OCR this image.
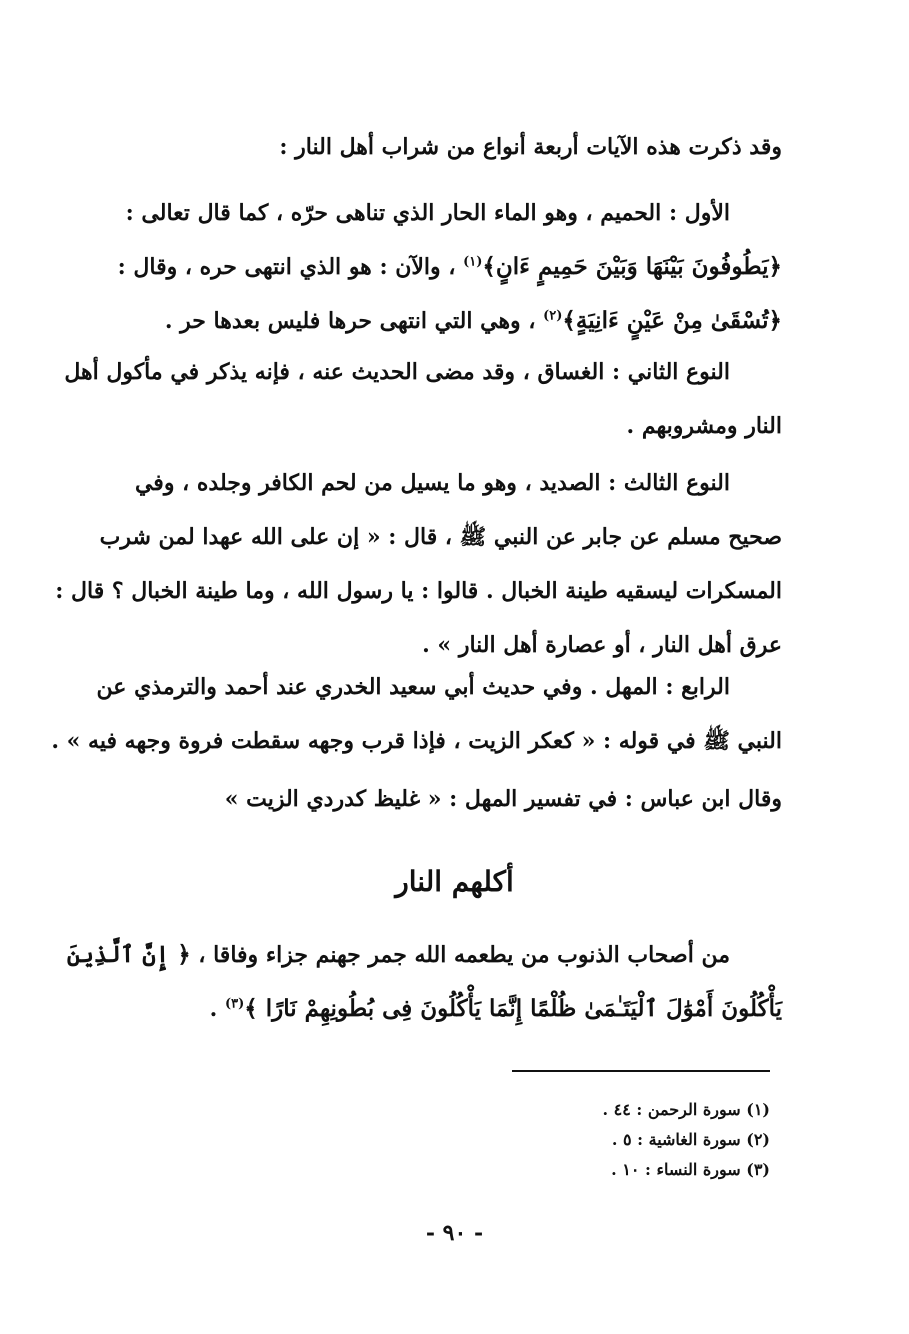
وقد ذكرت هذه الآيات أربعة أنواع من شراب أهل النار :
الأول : الحميم ، وهو الماء الحار الذي تناهى حرّه ، كما قال تعالى :
﴿يَطُوفُونَ بَيْنَهَا وَبَيْنَ حَمِيمٍ ءَانٍ﴾$^{(١)}$ ، والآن : هو الذي انتهى حره ، وقال :
﴿تُسْقَىٰ مِنْ عَيْنٍ ءَانِيَةٍ﴾$^{(٢)}$ ، وهي التي انتهى حرها فليس بعدها حر .
النوع الثاني : الغساق ، وقد مضى الحديث عنه ، فإنه يذكر في مأكول أهل
النار ومشروبهم .
النوع الثالث : الصديد ، وهو ما يسيل من لحم الكافر وجلده ، وفي
صحيح مسلم عن جابر عن النبي ﷺ ، قال : « إن على الله عهدا لمن شرب
المسكرات ليسقيه طينة الخبال . قالوا : يا رسول الله ، وما طينة الخبال ؟ قال :
عرق أهل النار ، أو عصارة أهل النار » .
الرابع : المهل . وفي حديث أبي سعيد الخدري عند أحمد والترمذي عن
النبي ﷺ في قوله : « كعكر الزيت ، فإذا قرب وجهه سقطت فروة وجهه فيه » .
وقال ابن عباس : في تفسير المهل : « غليظ كدردي الزيت »
أكلهم النار
من أصحاب الذنوب من يطعمه الله جمر جهنم جزاء وفاقا ، ﴿ إِنَّ ٱلَّذِينَ
يَأْكُلُونَ أَمْوَٰلَ ٱلْيَتَـٰمَىٰ ظُلْمًا إِنَّمَا يَأْكُلُونَ فِى بُطُونِهِمْ نَارًا ﴾$^{(٣)}$ .
(١) سورة الرحمن : ٤٤ .
(٢) سورة الغاشية : ٥ .
(٣) سورة النساء : ١٠ .
- ٩٠ -
